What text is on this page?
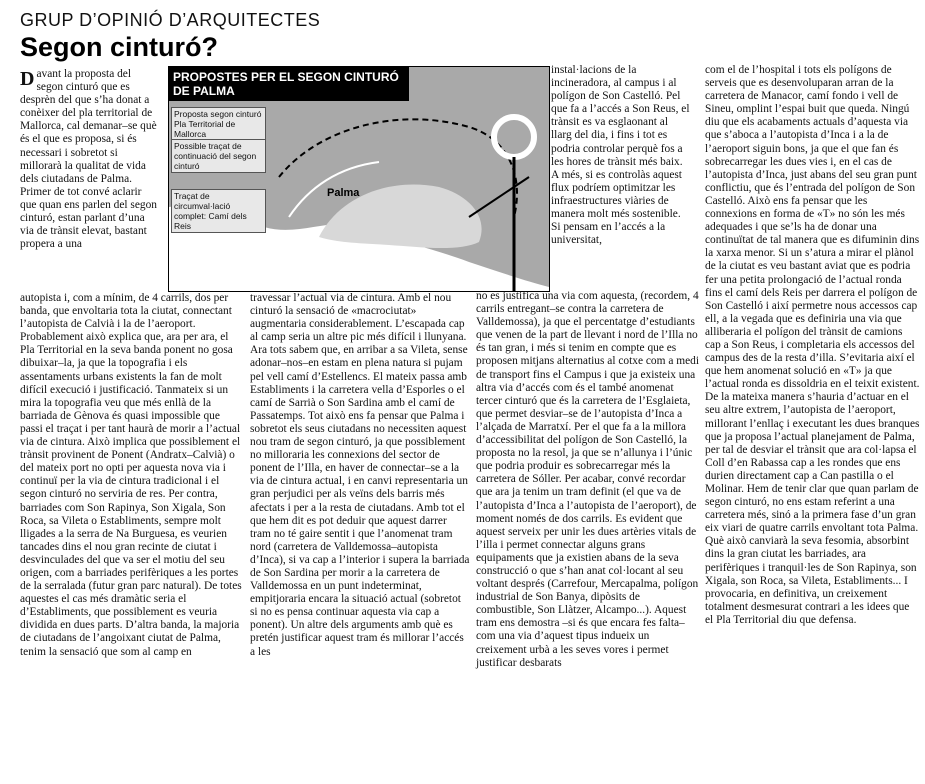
GRUP D’OPINIÓ D’ARQUITECTES
Segon cinturó?
PROPOSTES PER EL SEGON CINTURÓ DE PALMA
Proposta segon cinturó Pla Territorial de Mallorca
Possible traçat de continuació del segon cinturó
Traçat de circumval·lació complet: Camí dels Reis
Palma

Davant la proposta del segon cinturó que es desprèn del que s’ha donat a conèixer del pla territorial de Mallorca, cal demanar–se què és el que es proposa, si és necessari i sobretot si millorarà la qualitat de vida dels ciutadans de Palma. Primer de tot convé aclarir que quan ens parlen del segon cinturó, estan parlant d’una via de trànsit elevat, bastant propera a una

autopista i, com a mínim, de 4 carrils, dos per banda, que envoltaria tota la ciutat, connectant l’autopista de Calvià i la de l’aeroport. Probablement això explica que, ara per ara, el Pla Territorial en la seva banda ponent no gosa dibuixar–la, ja que la topografia i els assentaments urbans existents la fan de molt difícil execució i justificació. Tanmateix si un mira la topografia veu que més enllà de la barriada de Gènova és quasi impossible que passi el traçat i per tant haurà de morir a l’actual via de cintura. Això implica que possiblement el trànsit provinent de Ponent (Andratx–Calvià) o del mateix port no opti per aquesta nova via i continuï per la via de cintura tradicional i el segon cinturó no serviria de res. Per contra, barriades com Son Rapinya, Son Xigala, Son Roca, sa Vileta o Establiments, sempre molt lligades a la serra de Na Burguesa, es veurien tancades dins el nou gran recinte de ciutat i desvinculades del que va ser el motiu del seu origen, com a barriades perifèriques a les portes de la serralada (futur gran parc natural). De totes aquestes el cas més dramàtic seria el d’Establiments, que possiblement es veuria dividida en dues parts. D’altra banda, la majoria de ciutadans de l’angoixant ciutat de Palma, tenim la sensació que som al camp en

travessar l’actual via de cintura. Amb el nou cinturó la sensació de «macrociutat» augmentaria considerablement. L’escapada cap al camp seria un altre pic més difícil i llunyana. Ara tots sabem que, en arribar a sa Vileta, sense adonar–nos–en estam en plena natura si pujam pel vell camí d’Estellencs. El mateix passa amb Establiments i la carretera vella d’Esporles o el camí de Sarrià o Son Sardina amb el camí de Passatemps. Tot això ens fa pensar que Palma i sobretot els seus ciutadans no necessiten aquest nou tram de segon cinturó, ja que possiblement no milloraria les connexions del sector de ponent de l’Illa, en haver de connectar–se a la via de cintura actual, i en canvi representaria un gran perjudici per als veïns dels barris més afectats i per a la resta de ciutadans. Amb tot el que hem dit es pot deduir que aquest darrer tram no té gaire sentit i que l’anomenat tram nord (carretera de Valldemossa–autopista d’Inca), si va cap a l’interior i supera la barriada de Son Sardina per morir a la carretera de Valldemossa en un punt indeterminat, empitjoraria encara la situació actual (sobretot si no es pensa continuar aquesta via cap a ponent). Un altre dels arguments amb què es pretén justificar aquest tram és millorar l’accés a les

instal·lacions de la incineradora, al campus i al polígon de Son Castelló. Pel que fa a l’accés a Son Reus, el trànsit es va esglaonant al llarg del dia, i fins i tot es podria controlar perquè fos a les hores de trànsit més baix. A més, si es controlàs aquest flux podríem optimitzar les infraestructures viàries de manera molt més sostenible. Si pensam en l’accés a la universitat,

no es justifica una via com aquesta, (recordem, 4 carrils entregant–se contra la carretera de Valldemossa), ja que el percentatge d’estudiants que venen de la part de llevant i nord de l’Illa no és tan gran, i més si tenim en compte que es proposen mitjans alternatius al cotxe com a medi de transport fins el Campus i que ja existeix una altra via d’accés com és el també anomenat tercer cinturó que és la carretera de l’Esglaieta, que permet desviar–se de l’autopista d’Inca a l’alçada de Marratxí. Per el que fa a la millora d’accessibilitat del polígon de Son Castelló, la proposta no la resol, ja que se n’allunya i l’únic que podria produir es sobrecarregar més la carretera de Sóller. Per acabar, convé recordar que ara ja tenim un tram definit (el que va de l’autopista d’Inca a l’autopista de l’aeroport), de moment només de dos carrils. Es evident que aquest serveix per unir les dues artèries vitals de l’illa i permet connectar alguns grans equipaments que ja existien abans de la seva construcció o que s’han anat col·locant al seu voltant després (Carrefour, Mercapalma, polígon industrial de Son Banya, dipòsits de combustible, Son Llàtzer, Alcampo...). Aquest tram ens demostra –si és que encara fes falta– com una via d’aquest tipus indueix un creixement urbà a les seves vores i permet justificar desbarats

com el de l’hospital i tots els polígons de serveis que es desenvoluparan arran de la carretera de Manacor, camí fondo i vell de Sineu, omplint l’espai buit que queda. Ningú diu que els acabaments actuals d’aquesta via que s’aboca a l’autopista d’Inca i a la de l’aeroport siguin bons, ja que el que fan és sobrecarregar les dues vies i, en el cas de l’autopista d’Inca, just abans del seu gran punt conflictiu, que és l’entrada del polígon de Son Castelló. Això ens fa pensar que les connexions en forma de «T» no són les més adequades i que se’ls ha de donar una continuïtat de tal manera que es difuminin dins la xarxa menor. Si un s’atura a mirar el plànol de la ciutat es veu bastant aviat que es podria fer una petita prolongació de l’actual ronda fins el camí dels Reis per darrera el polígon de Son Castelló i així permetre nous accessos cap ell, a la vegada que es definiria una via que alliberaria el polígon del trànsit de camions cap a Son Reus, i completaria els accessos del campus des de la resta d’illa. S’evitaria així el que hem anomenat solució en «T» ja que l’actual ronda es dissoldria en el teixit existent. De la mateixa manera s’hauria d’actuar en el seu altre extrem, l’autopista de l’aeroport, millorant l’enllaç i executant les dues branques que ja proposa l’actual planejament de Palma, per tal de desviar el trànsit que ara col·lapsa el Coll d’en Rabassa cap a les rondes que ens durien directament cap a Can pastilla o el Molinar. Hem de tenir clar que quan parlam de segon cinturó, no ens estam referint a una carretera més, sinó a la primera fase d’un gran eix viari de quatre carrils envoltant tota Palma. Què això canviarà la seva fesomia, absorbint dins la gran ciutat les barriades, ara perifèriques i tranquil·les de Son Rapinya, son Xigala, son Roca, sa Vileta, Establiments... I provocaria, en definitiva, un creixement totalment desmesurat contrari a les idees que el Pla Territorial diu que defensa.
